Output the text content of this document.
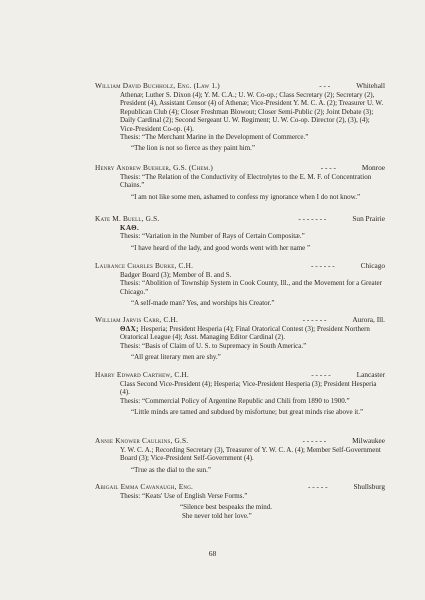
William David Buchholz, Eng. (Law 1.)	- - -	Whitehall

Athenæ; Luther S. Dixon (4); Y. M. C.A.; U. W. Co-op.; Class Secretary (2); Secretary (2), President (4), Assistant Censor (4) of Athenæ; Vice-President Y. M. C. A. (2); Treasurer U. W. Republican Club (4); Closer Freshman Blowout; Closer Semi-Public (2); Joint Debate (3); Daily Cardinal (2); Second Sergeant U. W. Regiment; U. W. Co-op. Director (2), (3), (4); Vice-President Co-op. (4).

Thesis: “The Merchant Marine in the Development of Commerce.”

“The lion is not so fierce as they paint him.”

Henry Andrew Buehler, G.S. (Chem.)	- - - -	Monroe

Thesis: “The Relation of the Conductivity of Electrolytes to the E. M. F. of Concentration Chains.”

“I am not like some men, ashamed to confess my ignorance when I do not know.”

Kate M. Buell, G.S.	- - - - - - -	Sun Prairie

ΚΑΘ.

Thesis: “Variation in the Number of Rays of Certain Compositæ.”

“I have heard of the lady, and good words went with her name ”

Laurance Charles Burke, C.H.	- - - - - -	Chicago

Badger Board (3); Member of B. and S.

Thesis: “Abolition of Township System in Cook County, Ill., and the Movement for a Greater Chicago.”

“A self-made man? Yes, and worships his Creator.”

William Jarvis Carr, C.H.	- - - - - -	Aurora, Ill.

ΘΔΧ; Hesperia; President Hesperia (4); Final Oratorical Contest (3); President Northern Oratorical League (4); Asst. Managing Editor Cardinal (2).

Thesis: “Basis of Claim of U. S. to Supremacy in South America.”

“All great literary men are shy.”

Harry Edward Carthew, C.H.	- - - - -	Lancaster

Class Second Vice-President (4); Hesperia; Vice-President Hesperia (3); President Hesperia (4).

Thesis: “Commercial Policy of Argentine Republic and Chili from 1890 to 1900.”

“Little minds are tamed and subdued by misfortune; but great minds rise above it.”

Annie Knower Caulkins, G.S.	- - - - - -	Milwaukee

Y. W. C. A.; Recording Secretary (3), Treasurer of Y. W. C. A. (4); Member Self-Government Board (3); Vice-President Self-Government (4).

“True as the dial to the sun.”

Abigail Emma Cavanaugh, Eng.	- - - - -	Shullsburg

Thesis: “Keats' Use of English Verse Forms.”

“Silence best bespeaks the mind.
She never told her love.”
68
